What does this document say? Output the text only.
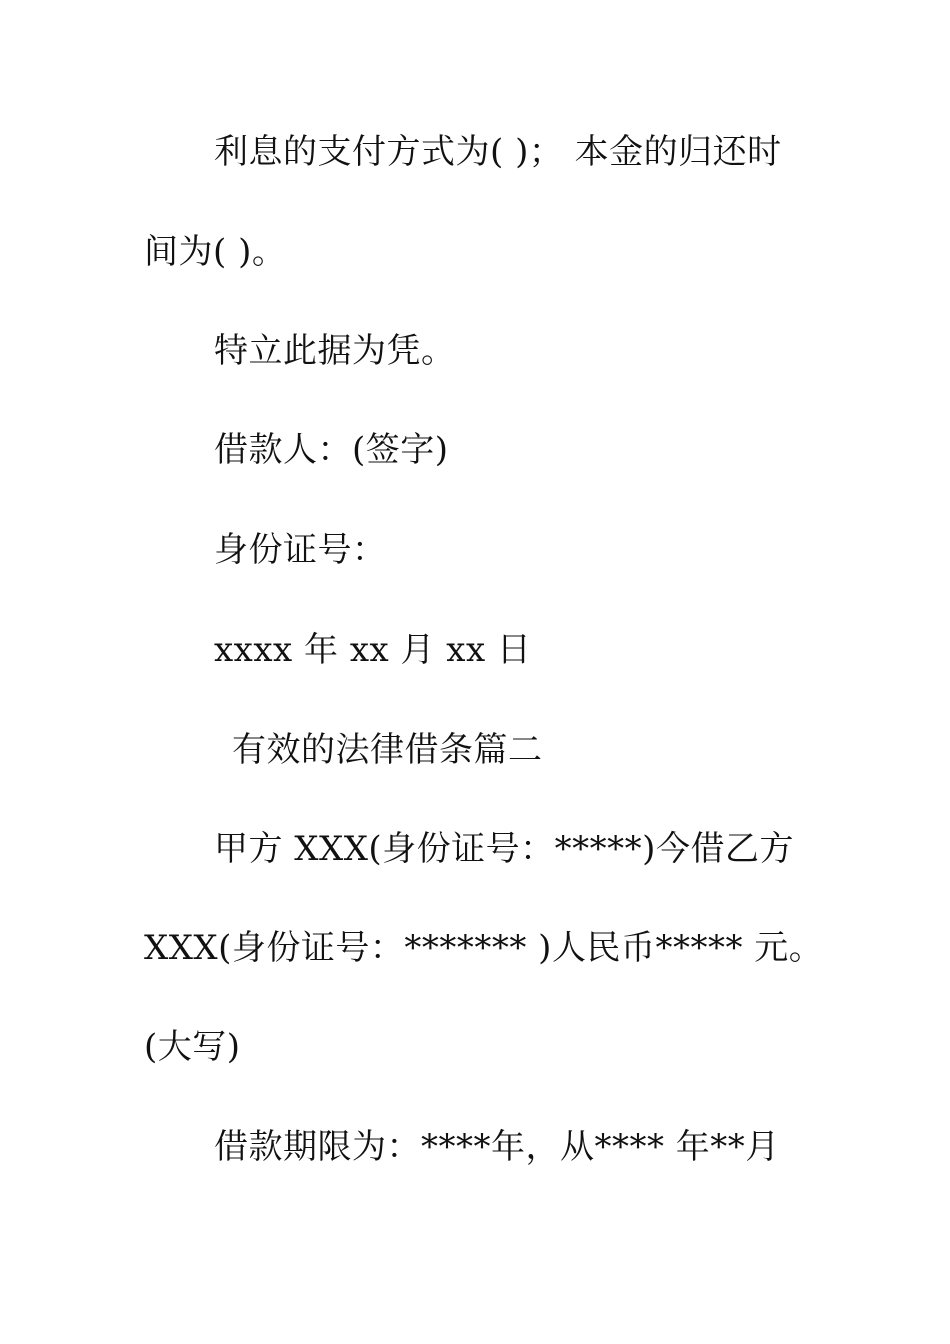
利息的支付方式为( )； 本金的归还时
间为( )。
特立此据为凭。
借款人：(签字)
身份证号：
xxxx 年 xx 月 xx 日
有效的法律借条篇二
甲方 XXX(身份证号：*****)今借乙方
XXX(身份证号：******* )人民币***** 元。
(大写)
借款期限为：****年，从**** 年**月
